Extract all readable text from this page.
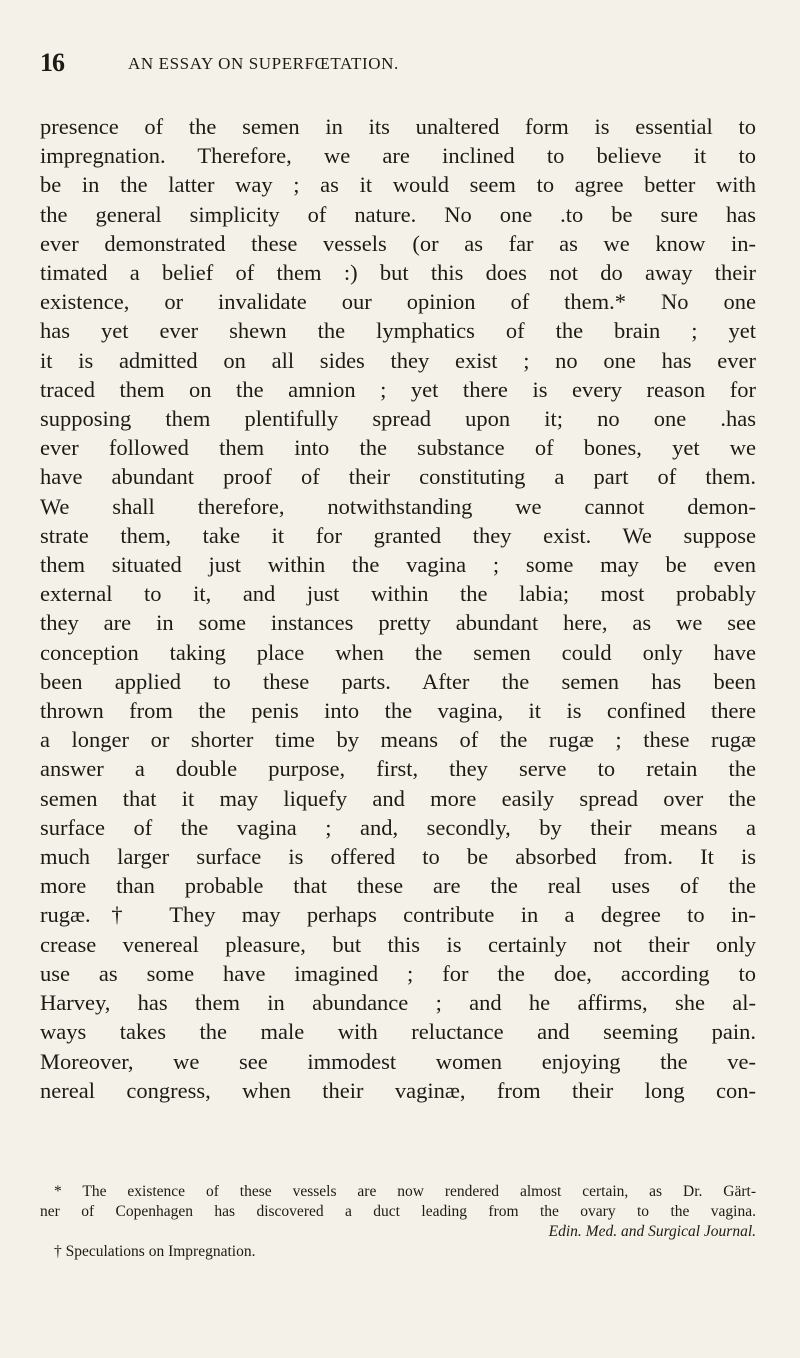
16	AN ESSAY ON SUPERFŒTATION.
presence of the semen in its unaltered form is essential to
impregnation. Therefore, we are inclined to believe it to
be in the latter way ; as it would seem to agree better with
the general simplicity of nature. No one .to be sure has
ever demonstrated these vessels (or as far as we know in-
timated a belief of them :) but this does not do away their
existence, or invalidate our opinion of them.* No one
has yet ever shewn the lymphatics of the brain ; yet
it is admitted on all sides they exist ; no one has ever
traced them on the amnion ; yet there is every reason for
supposing them plentifully spread upon it; no one .has
ever followed them into the substance of bones, yet we
have abundant proof of their constituting a part of them.
We shall therefore, notwithstanding we cannot demon-
strate them, take it for granted they exist. We suppose
them situated just within the vagina ; some may be even
external to it, and just within the labia; most probably
they are in some instances pretty abundant here, as we see
conception taking place when the semen could only have
been applied to these parts. After the semen has been
thrown from the penis into the vagina, it is confined there
a longer or shorter time by means of the rugæ ; these rugæ
answer a double purpose, first, they serve to retain the
semen that it may liquefy and more easily spread over the
surface of the vagina ; and, secondly, by their means a
much larger surface is offered to be absorbed from. It is
more than probable that these are the real uses of the
rugæ.† They may perhaps contribute in a degree to in-
crease venereal pleasure, but this is certainly not their only
use as some have imagined ; for the doe, according to
Harvey, has them in abundance ; and he affirms, she al-
ways takes the male with reluctance and seeming pain.
Moreover, we see immodest women enjoying the ve-
nereal congress, when their vaginæ, from their long con-
* The existence of these vessels are now rendered almost certain, as Dr. Gärt-
ner of Copenhagen has discovered a duct leading from the ovary to the vagina.
Edin. Med. and Surgical Journal.
† Speculations on Impregnation.
